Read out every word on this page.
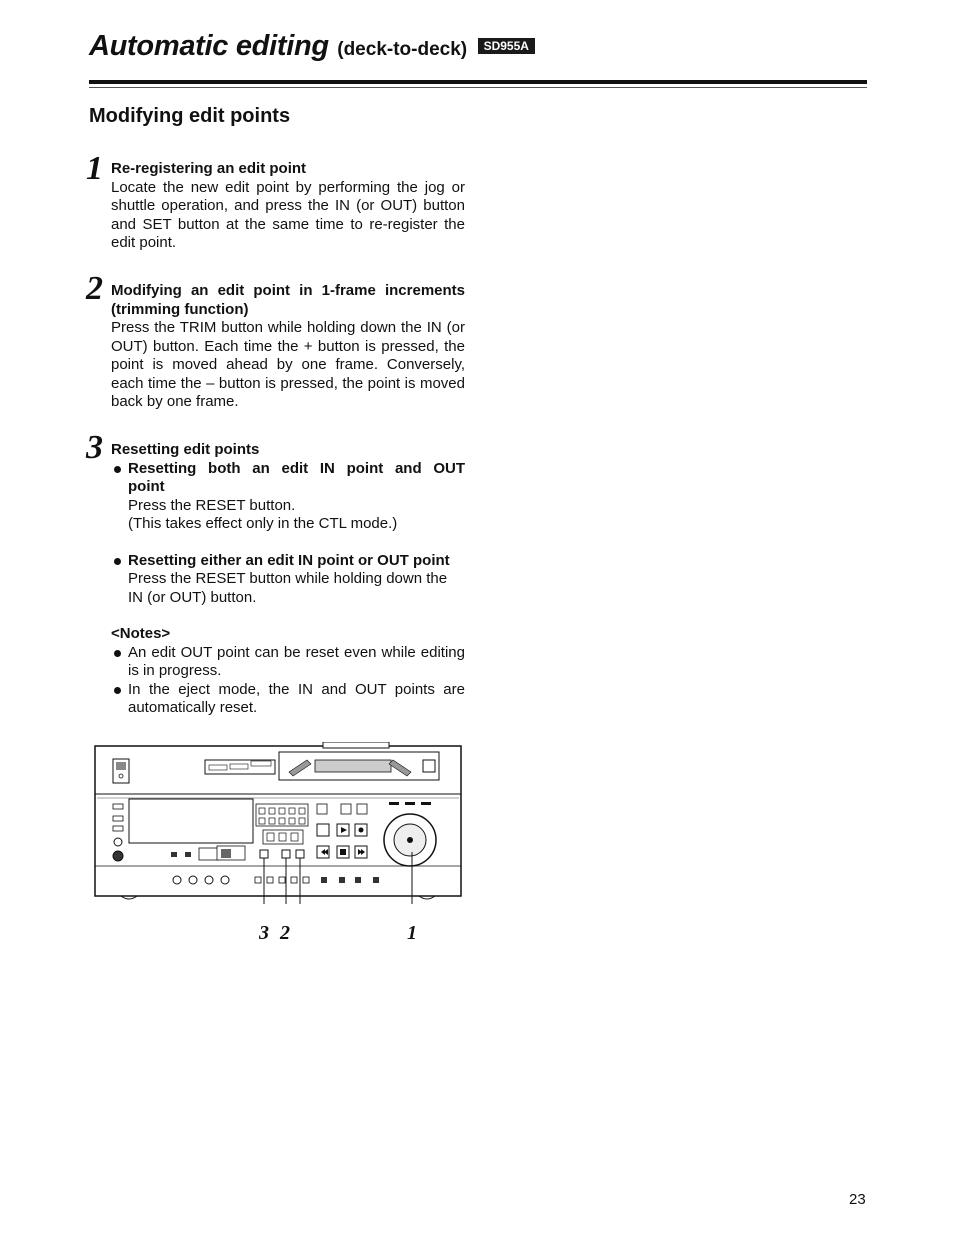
Automatic editing (deck-to-deck) SD955A
Modifying edit points
1 Re-registering an edit point

Locate the new edit point by performing the jog or shuttle operation, and press the IN (or OUT) button and SET button at the same time to re-register the edit point.

2 Modifying an edit point in 1-frame increments (trimming function)

Press the TRIM button while holding down the IN (or OUT) button. Each time the + button is pressed, the point is moved ahead by one frame. Conversely, each time the – button is pressed, the point is moved back by one frame.

3 Resetting edit points

Resetting both an edit IN point and OUT point

Press the RESET button.

(This takes effect only in the CTL mode.)

Resetting either an edit IN point or OUT point

Press the RESET button while holding down the IN (or OUT) button.

<Notes>

An edit OUT point can be reset even while editing is in progress.

In the eject mode, the IN and OUT points are automatically reset.

3 2	1
23
